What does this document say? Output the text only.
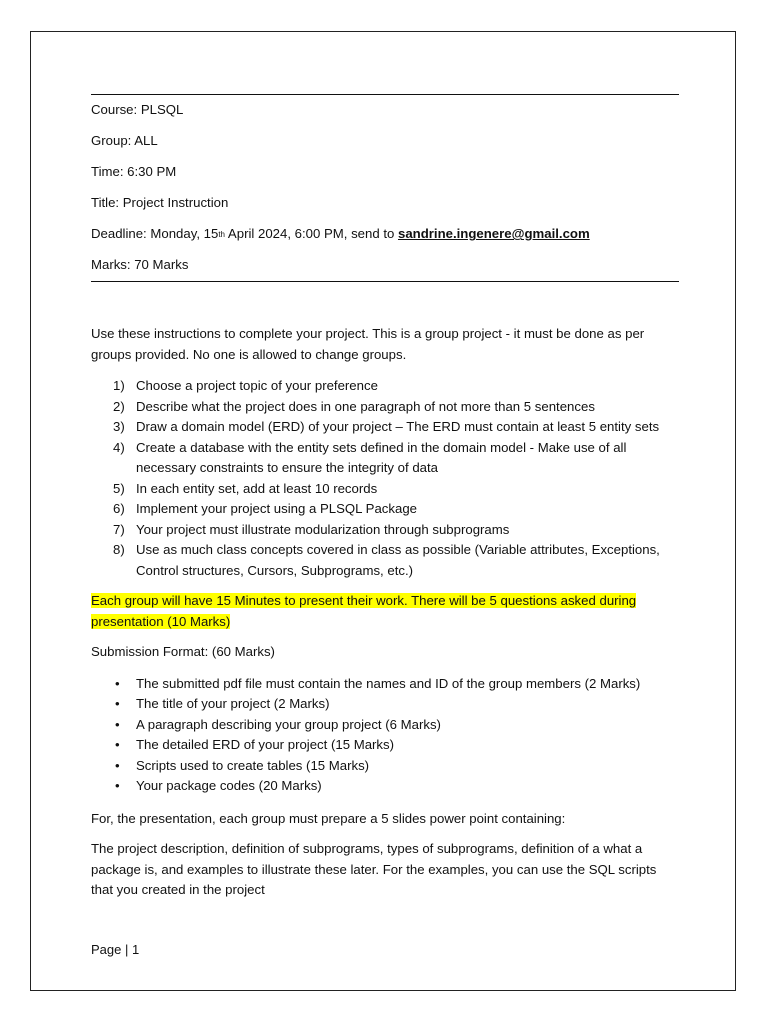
Course: PLSQL
Group: ALL
Time: 6:30 PM
Title: Project Instruction
Deadline: Monday, 15 th April 2024, 6:00 PM, send to sandrine.ingenere@gmail.com
Marks: 70 Marks

Use these instructions to complete your project. This is a group project - it must be done as per groups provided. No one is allowed to change groups.

1) Choose a project topic of your preference
2) Describe what the project does in one paragraph of not more than 5 sentences
3) Draw a domain model (ERD) of your project – The ERD must contain at least 5 entity sets
4) Create a database with the entity sets defined in the domain model - Make use of all necessary constraints to ensure the integrity of data
5) In each entity set, add at least 10 records
6) Implement your project using a PLSQL Package
7) Your project must illustrate modularization through subprograms
8) Use as much class concepts covered in class as possible (Variable attributes, Exceptions, Control structures, Cursors, Subprograms, etc.)

Each group will have 15 Minutes to present their work. There will be 5 questions asked during presentation (10 Marks)

Submission Format: (60 Marks)

• The submitted pdf file must contain the names and ID of the group members (2 Marks)
• The title of your project (2 Marks)
• A paragraph describing your group project (6 Marks)
• The detailed ERD of your project (15 Marks)
• Scripts used to create tables (15 Marks)
• Your package codes (20 Marks)

For, the presentation, each group must prepare a 5 slides power point containing:

The project description, definition of subprograms, types of subprograms, definition of a what a package is, and examples to illustrate these later. For the examples, you can use the SQL scripts that you created in the project

Page | 1
